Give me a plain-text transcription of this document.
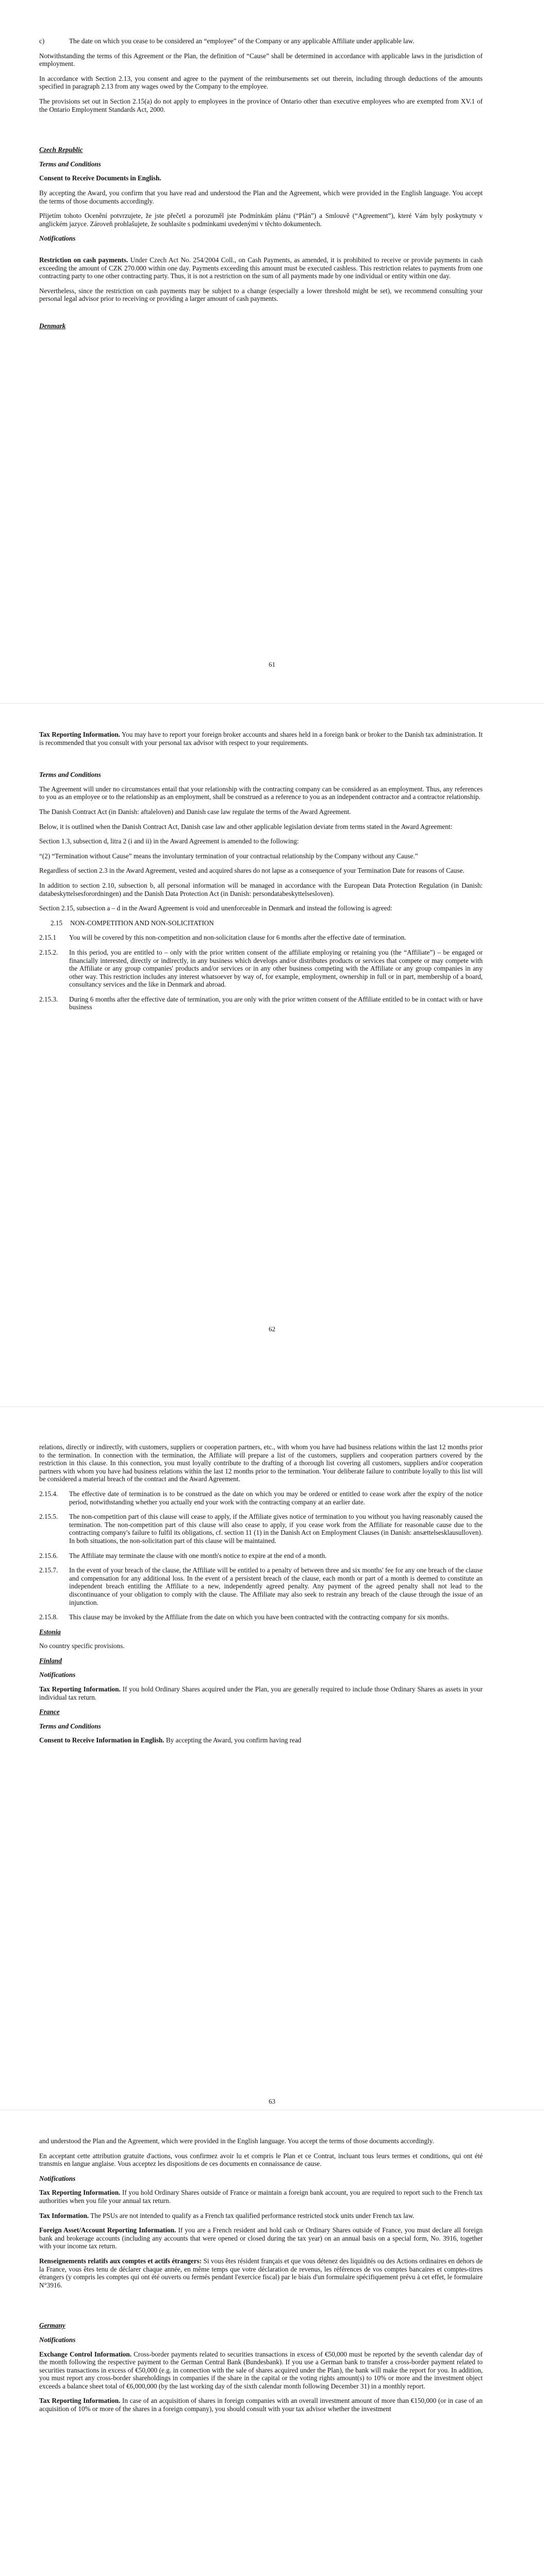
c)	The date on which you cease to be considered an “employee” of the Company or any applicable Affiliate under applicable law.

Notwithstanding the terms of this Agreement or the Plan, the definition of “Cause” shall be determined in accordance with applicable laws in the jurisdiction of employment.

In accordance with Section 2.13, you consent and agree to the payment of the reimbursements set out therein, including through deductions of the amounts specified in paragraph 2.13 from any wages owed by the Company to the employee.

The provisions set out in Section 2.15(a) do not apply to employees in the province of Ontario other than executive employees who are exempted from XV.1 of the Ontario Employment Standards Act, 2000.

Czech Republic
Terms and Conditions

Consent to Receive Documents in English.

By accepting the Award, you confirm that you have read and understood the Plan and the Agreement, which were provided in the English language. You accept the terms of those documents accordingly.

Přijetím tohoto Ocenění potvrzujete, že jste přečetl a porozuměl jste Podmínkám plánu (“Plán”) a Smlouvě (“Agreement”), které Vám byly poskytnuty v anglickém jazyce. Zároveň prohlašujete, že souhlasíte s podmínkami uvedenými v těchto dokumentech.

Notifications

Restriction on cash payments. Under Czech Act No. 254/2004 Coll., on Cash Payments, as amended, it is prohibited to receive or provide payments in cash exceeding the amount of CZK 270.000 within one day. Payments exceeding this amount must be executed cashless. This restriction relates to payments from one contracting party to one other contracting party. Thus, it is not a restriction on the sum of all payments made by one individual or entity within one day.

Nevertheless, since the restriction on cash payments may be subject to a change (especially a lower threshold might be set), we recommend consulting your personal legal advisor prior to receiving or providing a larger amount of cash payments.

Denmark
61

Tax Reporting Information. You may have to report your foreign broker accounts and shares held in a foreign bank or broker to the Danish tax administration. It is recommended that you consult with your personal tax advisor with respect to your requirements.

Terms and Conditions

The Agreement will under no circumstances entail that your relationship with the contracting company can be considered as an employment. Thus, any references to you as an employee or to the relationship as an employment, shall be construed as a reference to you as an independent contractor and a contractor relationship.

The Danish Contract Act (in Danish: aftaleloven) and Danish case law regulate the terms of the Award Agreement.

Below, it is outlined when the Danish Contract Act, Danish case law and other applicable legislation deviate from terms stated in the Award Agreement:

Section 1.3, subsection d, litra 2 (i and ii) in the Award Agreement is amended to the following:

“(2) “Termination without Cause” means the involuntary termination of your contractual relationship by the Company without any Cause.”

Regardless of section 2.3 in the Award Agreement, vested and acquired shares do not lapse as a consequence of your Termination Date for reasons of Cause.

In addition to section 2.10, subsection b, all personal information will be managed in accordance with the European Data Protection Regulation (in Danish: databeskyttelsesforordningen) and the Danish Data Protection Act (in Danish: persondatabeskyttelsesloven).

Section 2.15, subsection a – d in the Award Agreement is void and unenforceable in Denmark and instead the following is agreed:

2.15 NON-COMPETITION AND NON-SOLICITATION
2.15.1	You will be covered by this non-competition and non-solicitation clause for 6 months after the effective date of termination.
2.15.2.	In this period, you are entitled to – only with the prior written consent of the affiliate employing or retaining you (the “Affiliate”) – be engaged or financially interested, directly or indirectly, in any business which develops and/or distributes products or services that compete or may compete with the Affiliate or any group companies' products and/or services or in any other business competing with the Affiliate or any group companies in any other way. This restriction includes any interest whatsoever by way of, for example, employment, ownership in full or in part, membership of a board, consultancy services and the like in Denmark and abroad.
2.15.3.	During 6 months after the effective date of termination, you are only with the prior written consent of the Affiliate entitled to be in contact with or have business
62

relations, directly or indirectly, with customers, suppliers or cooperation partners, etc., with whom you have had business relations within the last 12 months prior to the termination. In connection with the termination, the Affiliate will prepare a list of the customers, suppliers and cooperation partners covered by the restriction in this clause. In this connection, you must loyally contribute to the drafting of a thorough list covering all customers, suppliers and/or cooperation partners with whom you have had business relations within the last 12 months prior to the termination. Your deliberate failure to contribute loyally to this list will be considered a material breach of the contract and the Award Agreement.

2.15.4.	The effective date of termination is to be construed as the date on which you may be ordered or entitled to cease work after the expiry of the notice period, notwithstanding whether you actually end your work with the contracting company at an earlier date.
2.15.5.	The non-competition part of this clause will cease to apply, if the Affiliate gives notice of termination to you without you having reasonably caused the termination. The non-competition part of this clause will also cease to apply, if you cease work from the Affiliate for reasonable cause due to the contracting company's failure to fulfil its obligations, cf. section 11 (1) in the Danish Act on Employment Clauses (in Danish: ansættelsesklausulloven). In both situations, the non-solicitation part of this clause will be maintained.
2.15.6.	The Affiliate may terminate the clause with one month's notice to expire at the end of a month.
2.15.7.	In the event of your breach of the clause, the Affiliate will be entitled to a penalty of between three and six months' fee for any one breach of the clause and compensation for any additional loss. In the event of a persistent breach of the clause, each month or part of a month is deemed to constitute an independent breach entitling the Affiliate to a new, independently agreed penalty. Any payment of the agreed penalty shall not lead to the discontinuance of your obligation to comply with the clause. The Affiliate may also seek to restrain any breach of the clause through the issue of an injunction.
2.15.8.	This clause may be invoked by the Affiliate from the date on which you have been contracted with the contracting company for six months.
Estonia

No country specific provisions.

Finland
Notifications

Tax Reporting Information. If you hold Ordinary Shares acquired under the Plan, you are generally required to include those Ordinary Shares as assets in your individual tax return.

France
Terms and Conditions

Consent to Receive Information in English. By accepting the Award, you confirm having read

63

and understood the Plan and the Agreement, which were provided in the English language. You accept the terms of those documents accordingly.

En acceptant cette attribution gratuite d'actions, vous confirmez avoir lu et compris le Plan et ce Contrat, incluant tous leurs termes et conditions, qui ont été transmis en langue anglaise. Vous acceptez les dispositions de ces documents en connaissance de cause.

Notifications

Tax Reporting Information. If you hold Ordinary Shares outside of France or maintain a foreign bank account, you are required to report such to the French tax authorities when you file your annual tax return.

Tax Information. The PSUs are not intended to qualify as a French tax qualified performance restricted stock units under French tax law.

Foreign Asset/Account Reporting Information. If you are a French resident and hold cash or Ordinary Shares outside of France, you must declare all foreign bank and brokerage accounts (including any accounts that were opened or closed during the tax year) on an annual basis on a special form, No. 3916, together with your income tax return.

Renseignements relatifs aux comptes et actifs étrangers: Si vous êtes résident français et que vous détenez des liquidités ou des Actions ordinaires en dehors de la France, vous êtes tenu de déclarer chaque année, en même temps que votre déclaration de revenus, les références de vos comptes bancaires et comptes-titres étrangers (y compris les comptes qui ont été ouverts ou fermés pendant l'exercice fiscal) par le biais d'un formulaire spécifiquement prévu à cet effet, le formulaire N°3916.

Germany
Notifications

Exchange Control Information. Cross-border payments related to securities transactions in excess of €50,000 must be reported by the seventh calendar day of the month following the respective payment to the German Central Bank (Bundesbank). If you use a German bank to transfer a cross-border payment related to securities transactions in excess of €50,000 (e.g. in connection with the sale of shares acquired under the Plan), the bank will make the report for you. In addition, you must report any cross-border shareholdings in companies if the share in the capital or the voting rights amount(s) to 10% or more and the investment object exceeds a balance sheet total of €6,000,000 (by the last working day of the sixth calendar month following December 31) in a monthly report.

Tax Reporting Information. In case of an acquisition of shares in foreign companies with an overall investment amount of more than €150,000 (or in case of an acquisition of 10% or more of the shares in a foreign company), you should consult with your tax advisor whether the investment
